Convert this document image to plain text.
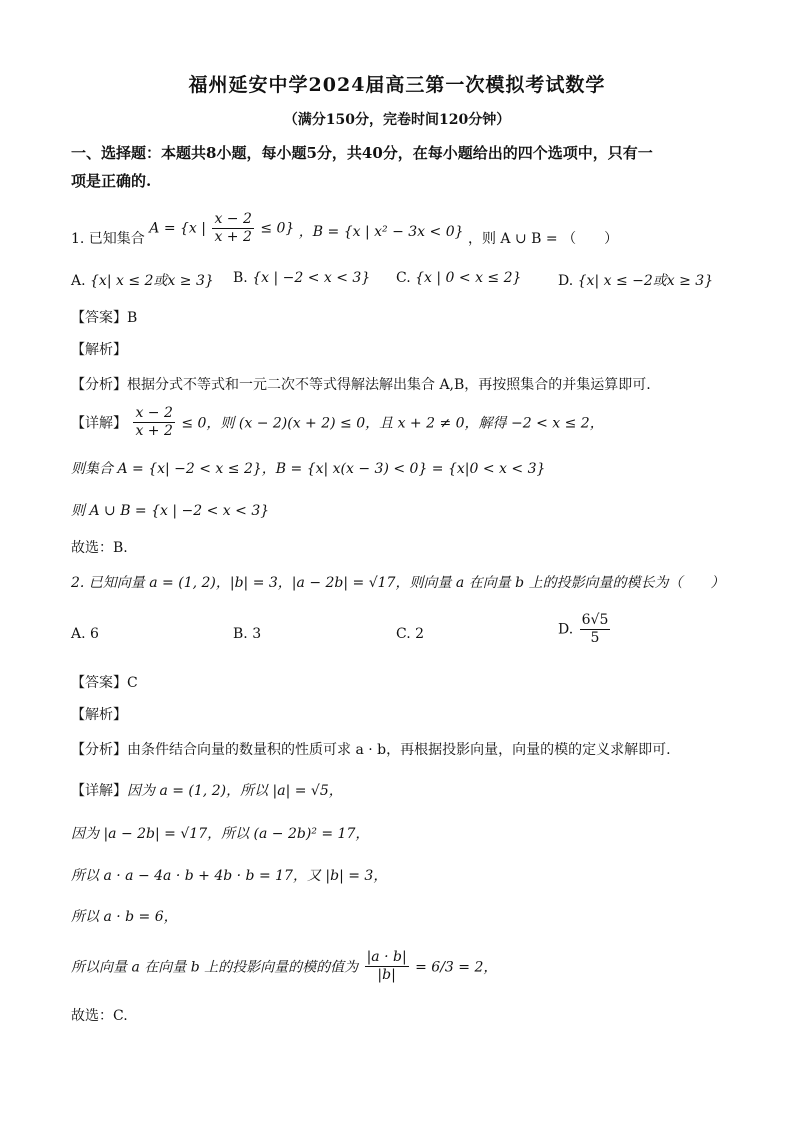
福州延安中学2024届高三第一次模拟考试数学
（满分150分，完卷时间120分钟）
一、选择题：本题共8小题，每小题5分，共40分，在每小题给出的四个选项中，只有一
项是正确的.
1. 已知集合 A = {x | $\frac{x - 2}{x + 2} \le 0$} ，B = {x | x² − 3x < 0} ，则 A ∪ B = （　　）
A. {x| x ≤ 2或x ≥ 3} B. {x | −2 < x < 3} C. {x | 0 < x ≤ 2}	D. {x| x ≤ −2或x ≥ 3}
【答案】B
【解析】
【分析】根据分式不等式和一元二次不等式得解法解出集合 A,B，再按照集合的并集运算即可.
【详解】 $\frac{x - 2}{x + 2} \le 0$，则 (x − 2)(x + 2) ≤ 0，且 x + 2 ≠ 0，解得 −2 < x ≤ 2，
则集合 A = {x| −2 < x ≤ 2}，B = {x| x(x − 3) < 0} = {x|0 < x < 3}
则 A ∪ B = {x | −2 < x < 3}
故选：B.
2. 已知向量 a = (1, 2)，|b| = 3，|a − 2b| = √17，则向量 a 在向量 b 上的投影向量的模长为（　　）
A. 6	B. 3	C. 2	D. $\frac{6√5}{5}$
【答案】C
【解析】
【分析】由条件结合向量的数量积的性质可求 a · b，再根据投影向量，向量的模的定义求解即可.
【详解】因为 a = (1, 2)，所以 |a| = √5，
因为 |a − 2b| = √17，所以 (a − 2b)² = 17，
所以 a · a − 4a · b + 4b · b = 17，又 |b| = 3，
所以 a · b = 6，
所以向量 a 在向量 b 上的投影向量的模的值为 $\frac{|a \cdot b|}{|b|} = 6/3 = 2$，
故选：C.
